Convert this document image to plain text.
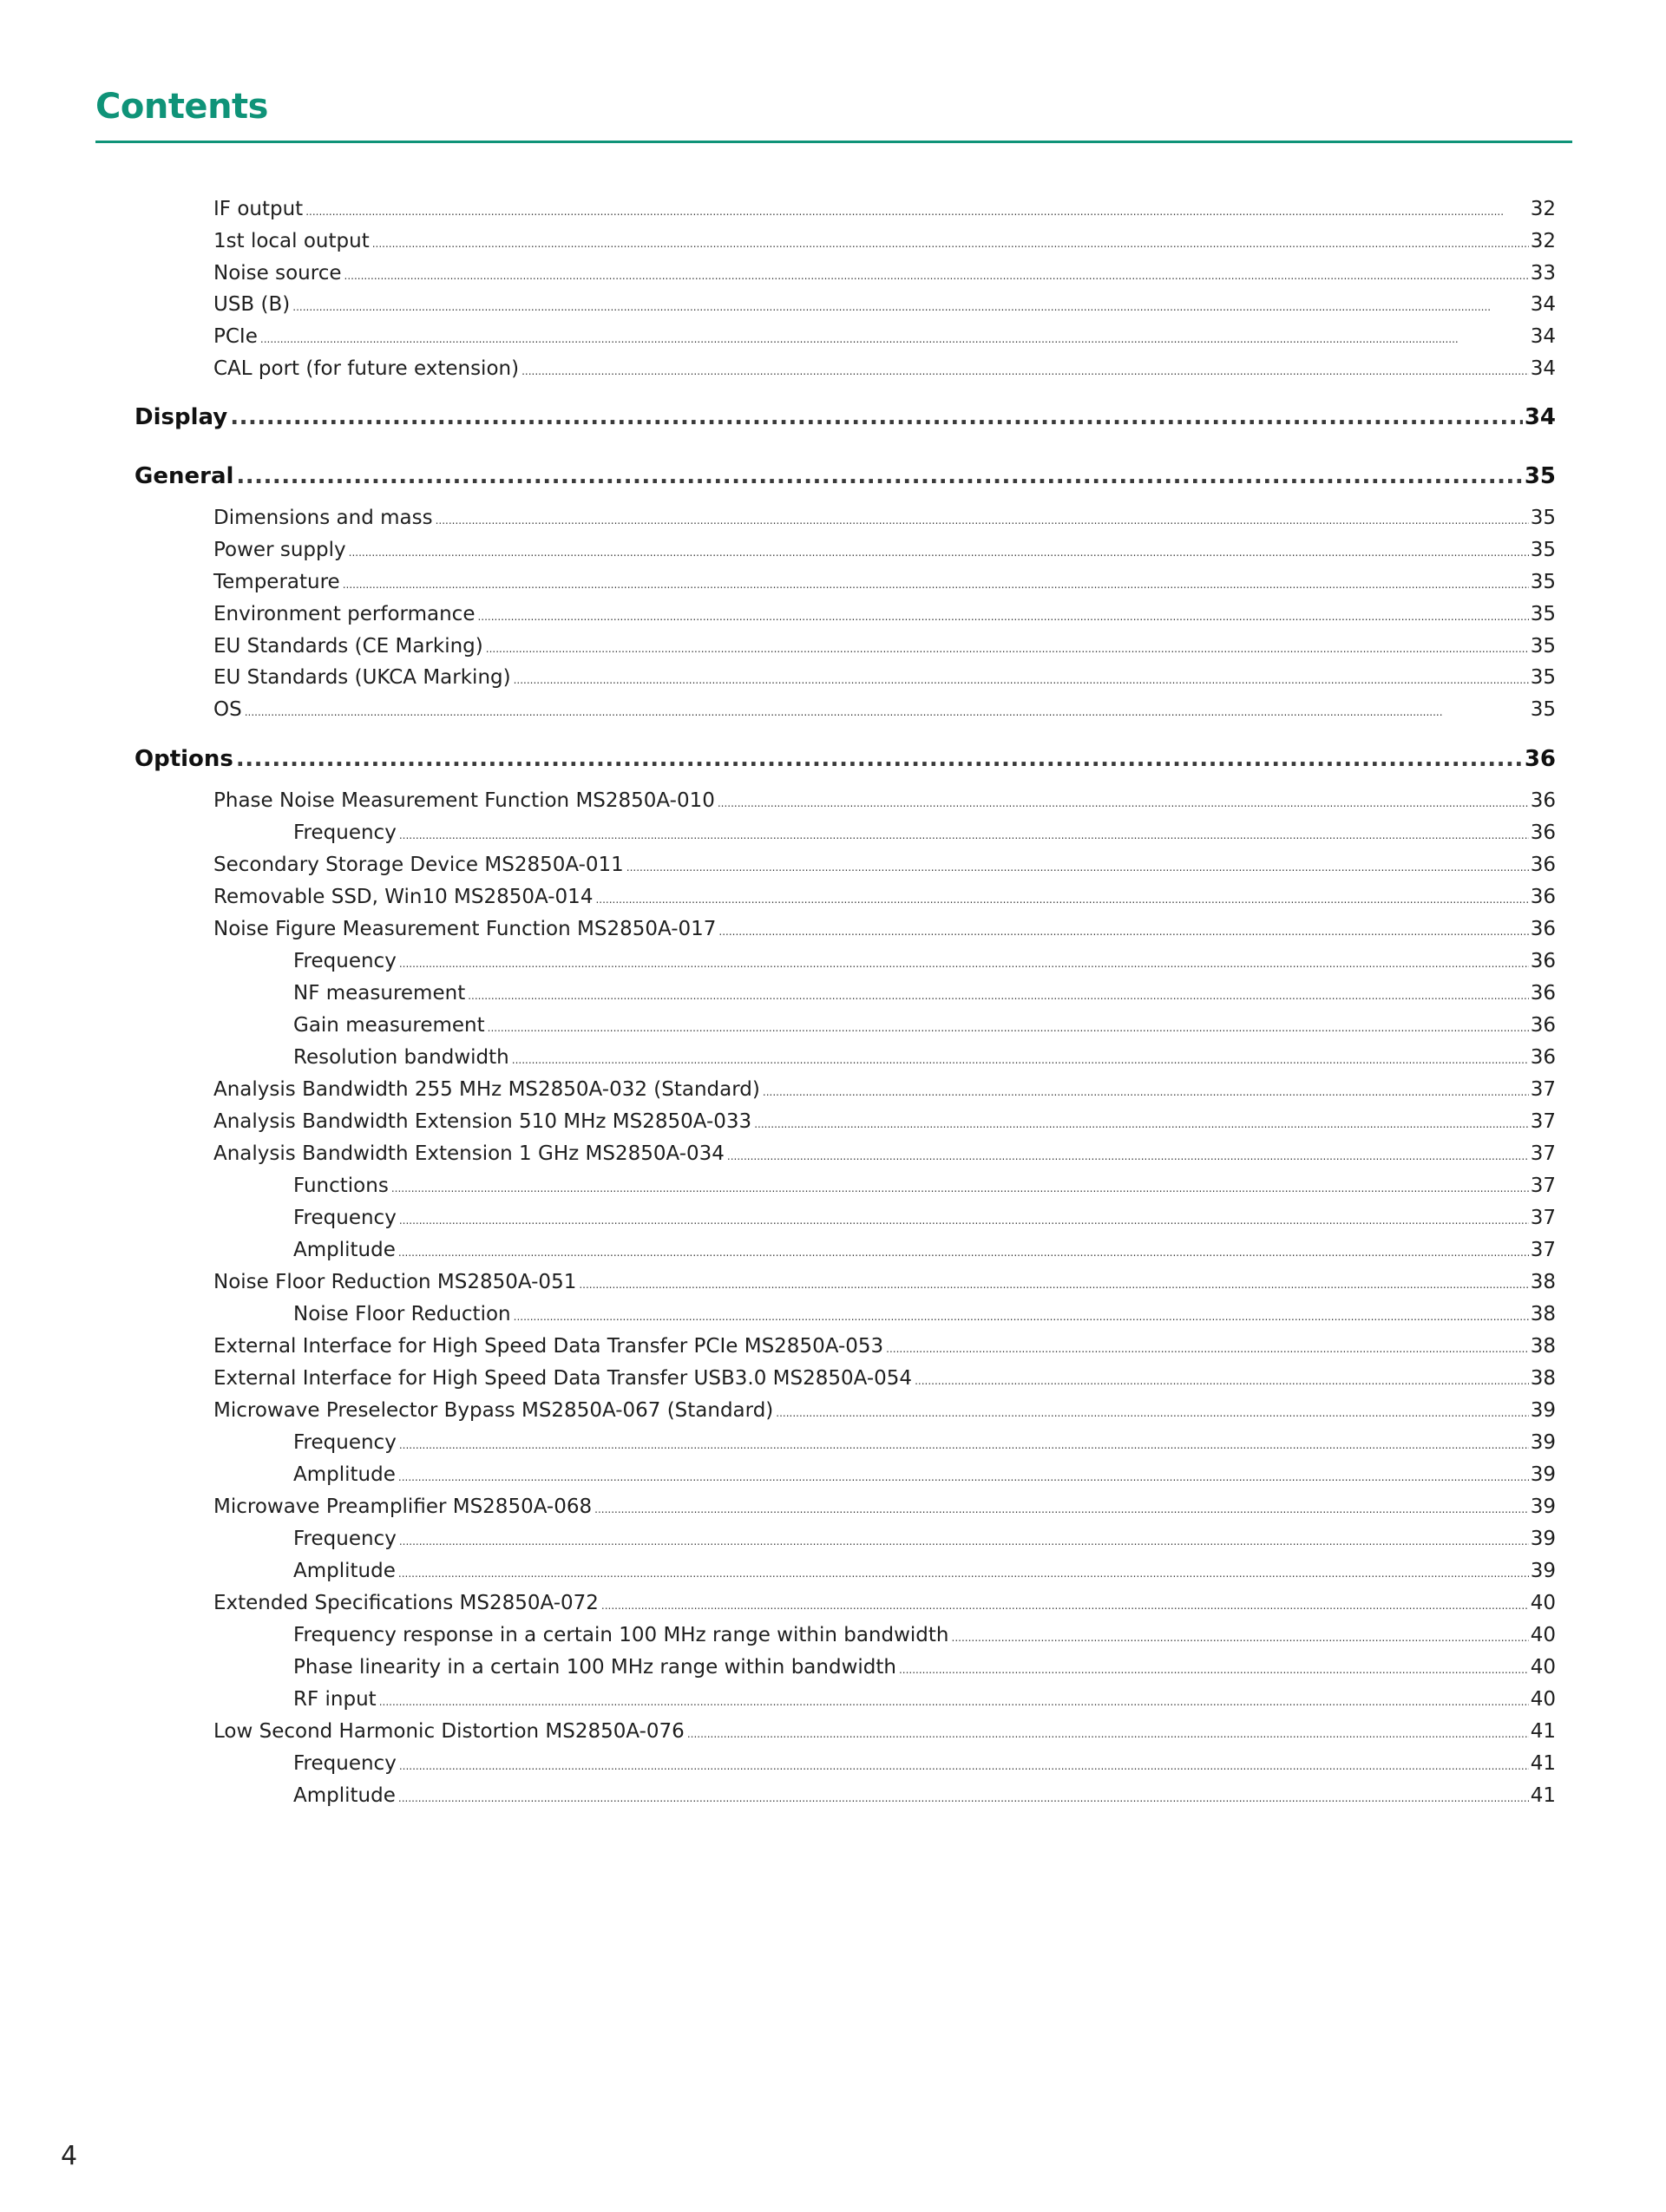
Contents
IF output .....	32
1st local output .....	32
Noise source .....	33
USB (B) .....	34
PCIe .....	34
CAL port (for future extension) .....	34
Display .....	34
General .....	35
Dimensions and mass .....	35
Power supply .....	35
Temperature .....	35
Environment performance .....	35
EU Standards (CE Marking) .....	35
EU Standards (UKCA Marking) .....	35
OS .....	35
Options .....	36
Phase Noise Measurement Function MS2850A-010 .....	36
Frequency .....	36
Secondary Storage Device MS2850A-011 .....	36
Removable SSD, Win10 MS2850A-014 .....	36
Noise Figure Measurement Function MS2850A-017 .....	36
Frequency .....	36
NF measurement .....	36
Gain measurement .....	36
Resolution bandwidth .....	36
Analysis Bandwidth 255 MHz MS2850A-032 (Standard) .....	37
Analysis Bandwidth Extension 510 MHz MS2850A-033 .....	37
Analysis Bandwidth Extension 1 GHz MS2850A-034 .....	37
Functions .....	37
Frequency .....	37
Amplitude .....	37
Noise Floor Reduction MS2850A-051 .....	38
Noise Floor Reduction .....	38
External Interface for High Speed Data Transfer PCIe MS2850A-053 .....	38
External Interface for High Speed Data Transfer USB3.0 MS2850A-054 .....	38
Microwave Preselector Bypass MS2850A-067 (Standard) .....	39
Frequency .....	39
Amplitude .....	39
Microwave Preamplifier MS2850A-068 .....	39
Frequency .....	39
Amplitude .....	39
Extended Specifications MS2850A-072 .....	40
Frequency response in a certain 100 MHz range within bandwidth .....	40
Phase linearity in a certain 100 MHz range within bandwidth .....	40
RF input .....	40
Low Second Harmonic Distortion MS2850A-076 .....	41
Frequency .....	41
Amplitude .....	41
4
